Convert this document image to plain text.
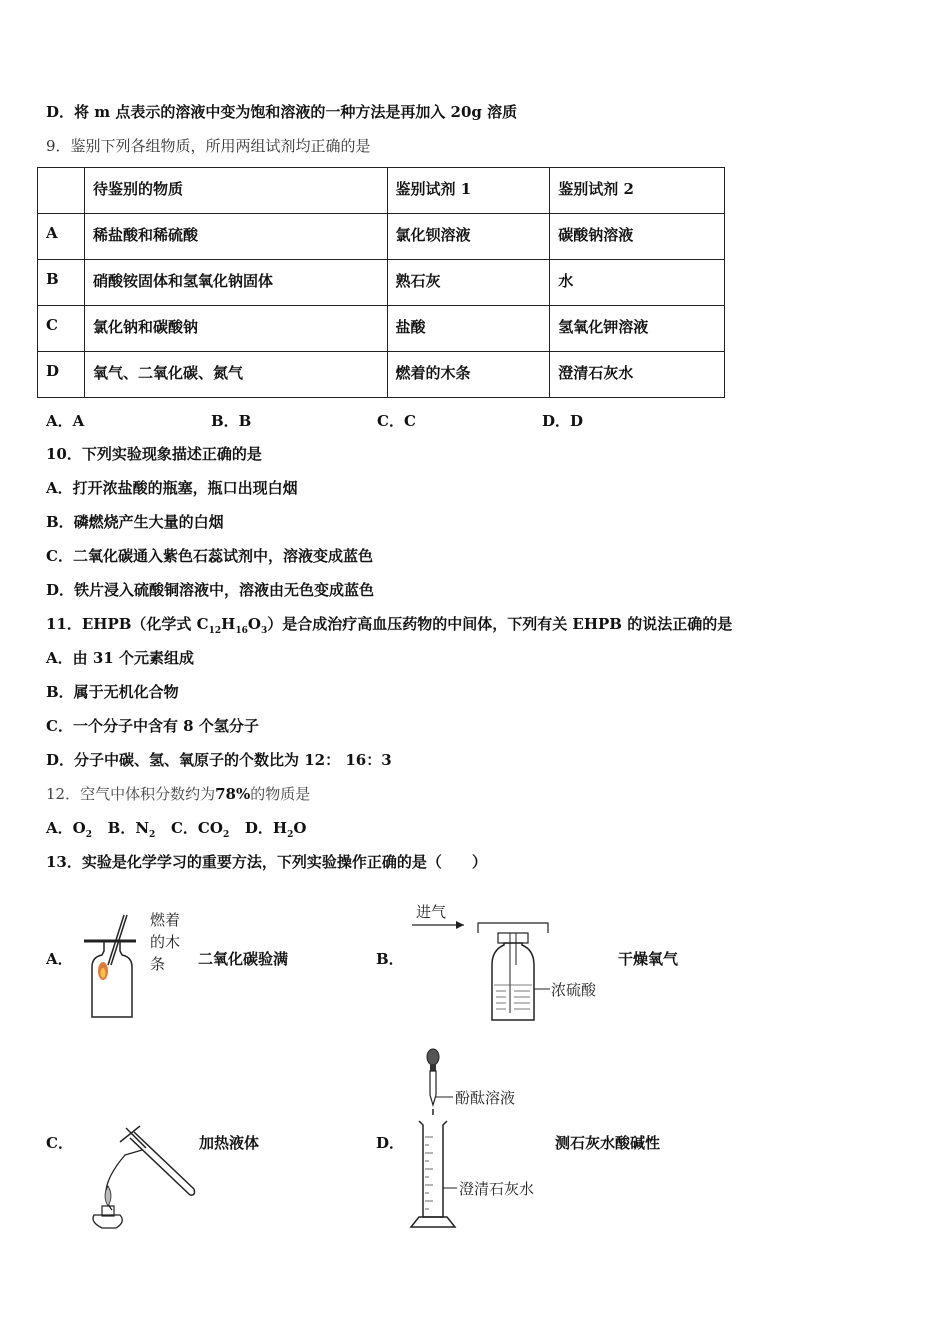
D．将 m 点表示的溶液中变为饱和溶液的一种方法是再加入 20g 溶质
9．鉴别下列各组物质，所用两组试剂均正确的是
	待鉴别的物质	鉴别试剂 1	鉴别试剂 2
A	稀盐酸和稀硫酸	氯化钡溶液	碳酸钠溶液
B	硝酸铵固体和氢氧化钠固体	熟石灰	水
C	氯化钠和碳酸钠	盐酸	氢氧化钾溶液
D	氧气、二氧化碳、氮气	燃着的木条	澄清石灰水
A．A	B．B	C．C	D．D
10．下列实验现象描述正确的是
A．打开浓盐酸的瓶塞，瓶口出现白烟
B．磷燃烧产生大量的白烟
C．二氧化碳通入紫色石蕊试剂中，溶液变成蓝色
D．铁片浸入硫酸铜溶液中，溶液由无色变成蓝色
11．EHPB（化学式 $C_{12}H_{16}O_3$）是合成治疗高血压药物的中间体，下列有关 EHPB 的说法正确的是
A．由 31 个元素组成
B．属于无机化合物
C．一个分子中含有 8 个氢分子
D．分子中碳、氢、氧原子的个数比为 12： 16：3
12．空气中体积分数约为78%的物质是
A．$O_2$ B．$N_2$ C．$CO_2$ D．$H_2O$
13．实验是化学学习的重要方法，下列实验操作正确的是（　　）
A．
燃着
的木
条 二氧化碳验满	B．
进气
浓硫酸
干燥氧气
C．	加热液体	D．
酚酞溶液
澄清石灰水
测石灰水酸碱性
